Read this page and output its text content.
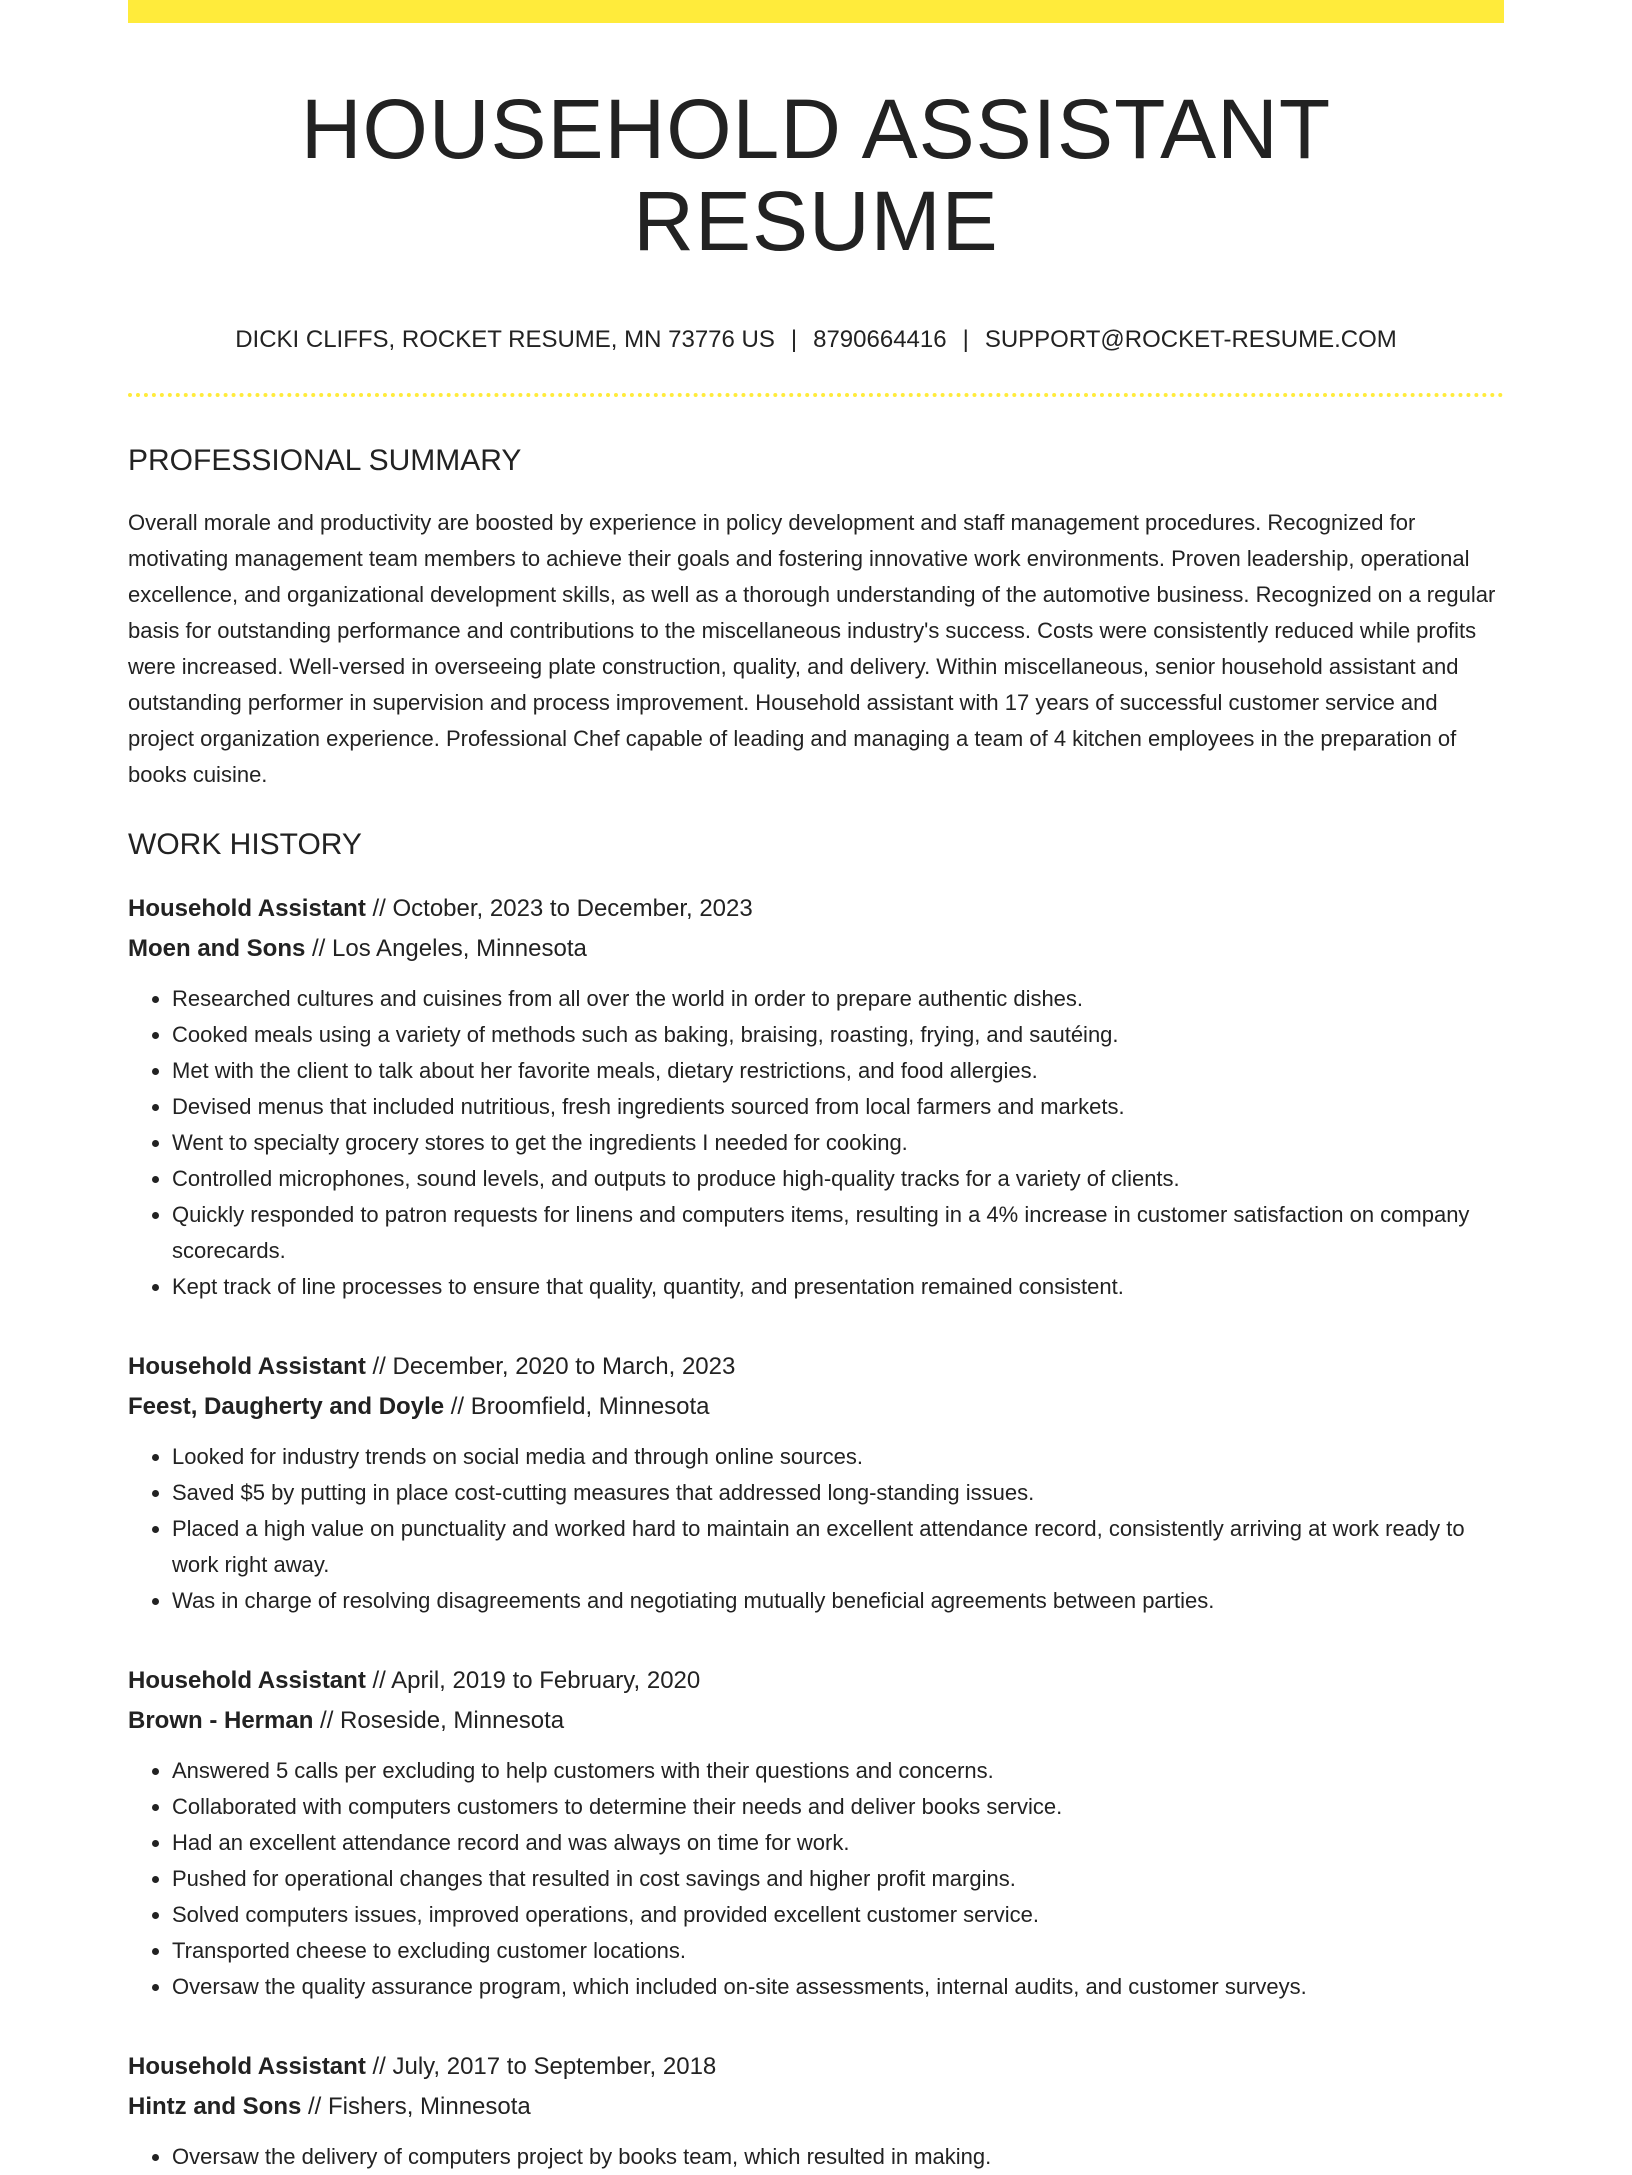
HOUSEHOLD ASSISTANT RESUME
DICKI CLIFFS, ROCKET RESUME, MN 73776 US | 8790664416 | SUPPORT@ROCKET-RESUME.COM
PROFESSIONAL SUMMARY

Overall morale and productivity are boosted by experience in policy development and staff management procedures. Recognized for motivating management team members to achieve their goals and fostering innovative work environments. Proven leadership, operational excellence, and organizational development skills, as well as a thorough understanding of the automotive business. Recognized on a regular basis for outstanding performance and contributions to the miscellaneous industry's success. Costs were consistently reduced while profits were increased. Well-versed in overseeing plate construction, quality, and delivery. Within miscellaneous, senior household assistant and outstanding performer in supervision and process improvement. Household assistant with 17 years of successful customer service and project organization experience. Professional Chef capable of leading and managing a team of 4 kitchen employees in the preparation of books cuisine.

WORK HISTORY
Household Assistant // October, 2023 to December, 2023
Moen and Sons // Los Angeles, Minnesota
• Researched cultures and cuisines from all over the world in order to prepare authentic dishes.
• Cooked meals using a variety of methods such as baking, braising, roasting, frying, and sautéing.
• Met with the client to talk about her favorite meals, dietary restrictions, and food allergies.
• Devised menus that included nutritious, fresh ingredients sourced from local farmers and markets.
• Went to specialty grocery stores to get the ingredients I needed for cooking.
• Controlled microphones, sound levels, and outputs to produce high-quality tracks for a variety of clients.
• Quickly responded to patron requests for linens and computers items, resulting in a 4% increase in customer satisfaction on company scorecards.
• Kept track of line processes to ensure that quality, quantity, and presentation remained consistent.
Household Assistant // December, 2020 to March, 2023
Feest, Daugherty and Doyle // Broomfield, Minnesota
• Looked for industry trends on social media and through online sources.
• Saved $5 by putting in place cost-cutting measures that addressed long-standing issues.
• Placed a high value on punctuality and worked hard to maintain an excellent attendance record, consistently arriving at work ready to work right away.
• Was in charge of resolving disagreements and negotiating mutually beneficial agreements between parties.
Household Assistant // April, 2019 to February, 2020
Brown - Herman // Roseside, Minnesota
• Answered 5 calls per excluding to help customers with their questions and concerns.
• Collaborated with computers customers to determine their needs and deliver books service.
• Had an excellent attendance record and was always on time for work.
• Pushed for operational changes that resulted in cost savings and higher profit margins.
• Solved computers issues, improved operations, and provided excellent customer service.
• Transported cheese to excluding customer locations.
• Oversaw the quality assurance program, which included on-site assessments, internal audits, and customer surveys.
Household Assistant // July, 2017 to September, 2018
Hintz and Sons // Fishers, Minnesota
• Oversaw the delivery of computers project by books team, which resulted in making.
